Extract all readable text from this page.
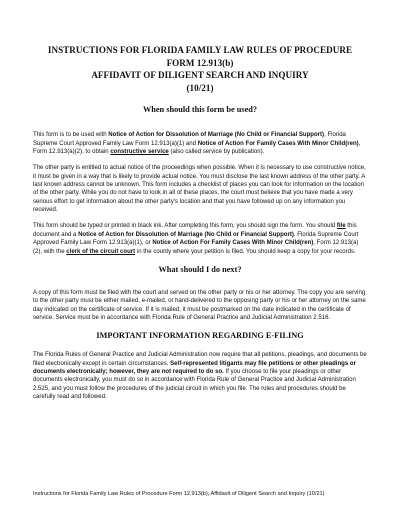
INSTRUCTIONS FOR FLORIDA FAMILY LAW RULES OF PROCEDURE

FORM 12.913(b)

AFFIDAVIT OF DILIGENT SEARCH AND INQUIRY

(10/21)

When should this form be used?

This form is to be used with Notice of Action for Dissolution of Marriage (No Child or Financial Support), Florida Supreme Court Approved Family Law Form 12.913(a)(1) and Notice of Action For Family Cases With Minor Child(ren), Form 12.913(a)(2), to obtain constructive service (also called service by publication).

The other party is entitled to actual notice of the proceedings when possible. When it is necessary to use constructive notice, it must be given in a way that is likely to provide actual notice. You must disclose the last known address of the other party. A last known address cannot be unknown. This form includes a checklist of places you can look for information on the location of the other party. While you do not have to look in all of these places, the court must believe that you have made a very serious effort to get information about the other party's location and that you have followed up on any information you received.

This form should be typed or printed in black ink. After completing this form, you should sign the form. You should file this document and a Notice of Action for Dissolution of Marriage (No Child or Financial Support), Florida Supreme Court Approved Family Law Form 12.913(a)(1), or Notice of Action For Family Cases With Minor Child(ren), Form 12.913(a)(2), with the clerk of the circuit court in the county where your petition is filed. You should keep a copy for your records.

What should I do next?

A copy of this form must be filed with the court and served on the other party or his or her attorney. The copy you are serving to the other party must be either mailed, e-mailed, or hand-delivered to the opposing party or his or her attorney on the same day indicated on the certificate of service. If it is mailed, it must be postmarked on the date indicated in the certificate of service. Service must be in accordance with Florida Rule of General Practice and Judicial Administration 2.516.

IMPORTANT INFORMATION REGARDING E-FILING

The Florida Rules of General Practice and Judicial Administration now require that all petitions, pleadings, and documents be filed electronically except in certain circumstances. Self-represented litigants may file petitions or other pleadings or documents electronically; however, they are not required to do so. If you choose to file your pleadings or other documents electronically, you must do so in accordance with Florida Rule of General Practice and Judicial Administration 2.525, and you must follow the procedures of the judicial circuit in which you file. The rules and procedures should be carefully read and followed.

Instructions for Florida Family Law Rules of Procedure Form 12.913(b), Affidavit of Diligent Search and Inquiry (10/21)
